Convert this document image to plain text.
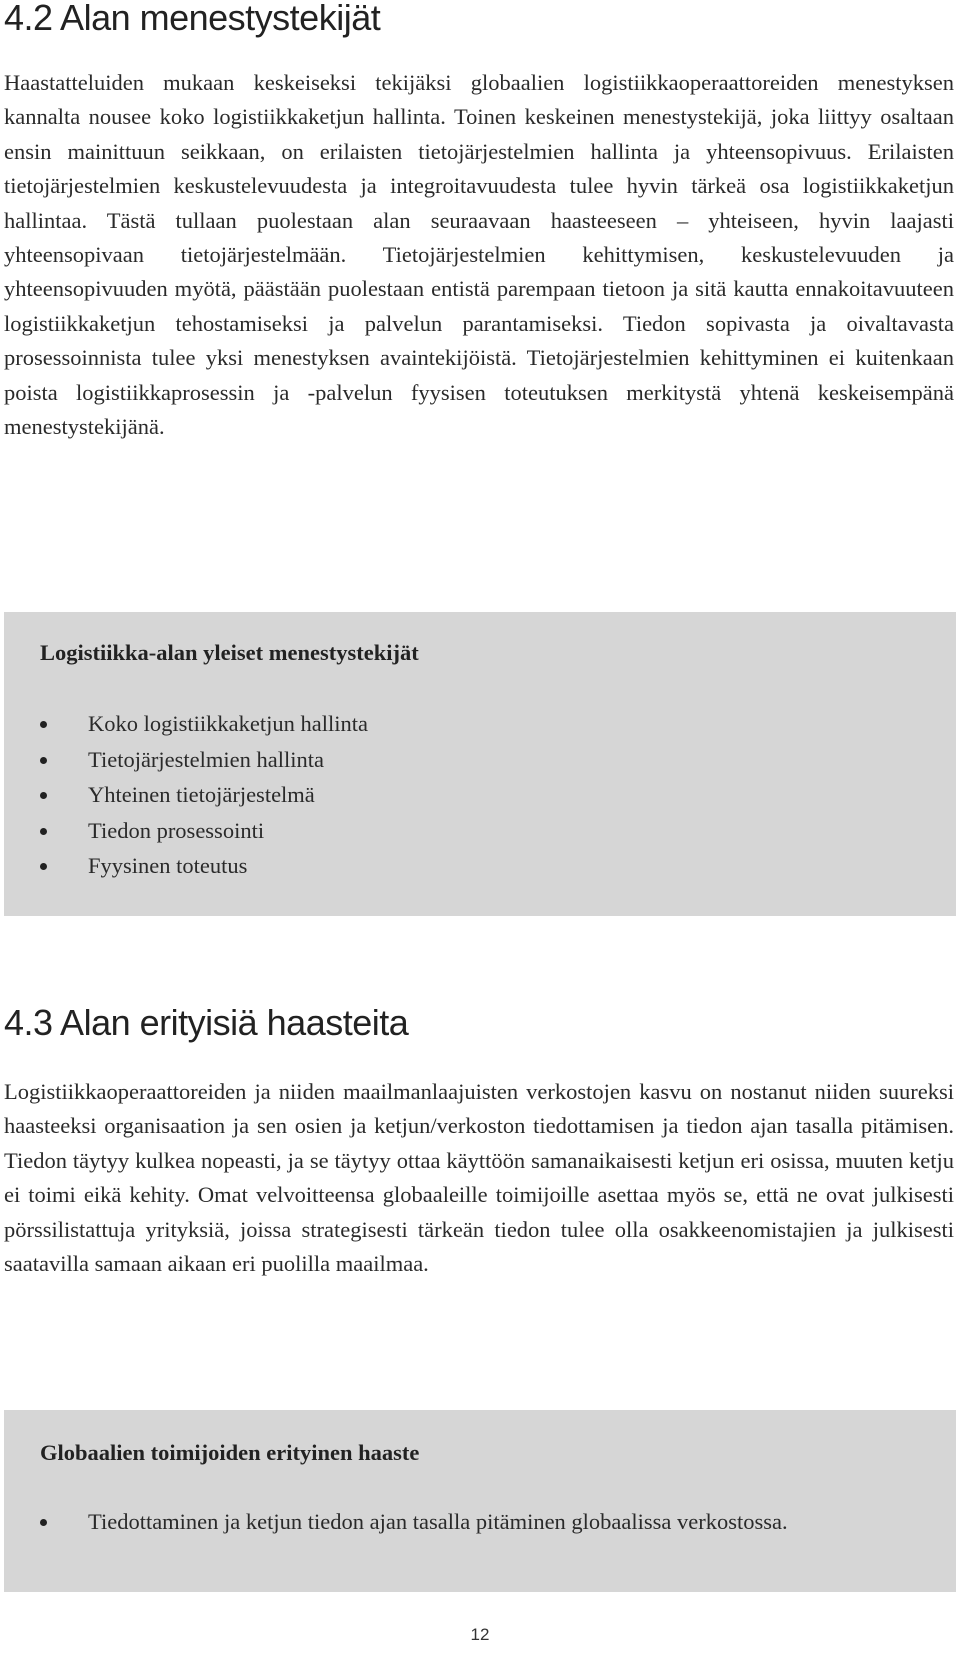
4.2 Alan menestystekijät

Haastatteluiden mukaan keskeiseksi tekijäksi globaalien logistiikkaoperaattoreiden menestyksen kannalta nousee koko logistiikkaketjun hallinta. Toinen keskeinen menestystekijä, joka liittyy osaltaan ensin mainittuun seikkaan, on erilaisten tietojärjestelmien hallinta ja yhteensopivuus. Erilaisten tietojärjestelmien keskustelevuudesta ja integroitavuudesta tulee hyvin tärkeä osa logistiikkaketjun hallintaa. Tästä tullaan puolestaan alan seuraavaan haasteeseen – yhteiseen, hyvin laajasti yhteensopivaan tietojärjestelmään. Tietojärjestelmien kehittymisen, keskustelevuuden ja yhteensopivuuden myötä, päästään puolestaan entistä parempaan tietoon ja sitä kautta ennakoitavuuteen logistiikkaketjun tehostamiseksi ja palvelun parantamiseksi. Tiedon sopivasta ja oivaltavasta prosessoinnista tulee yksi menestyksen avaintekijöistä. Tietojärjestelmien kehittyminen ei kuitenkaan poista logistiikkaprosessin ja -palvelun fyysisen toteutuksen merkitystä yhtenä keskeisempänä menestystekijänä.

Logistiikka-alan yleiset menestystekijät

Koko logistiikkaketjun hallinta
Tietojärjestelmien hallinta
Yhteinen tietojärjestelmä
Tiedon prosessointi
Fyysinen toteutus
4.3 Alan erityisiä haasteita

Logistiikkaoperaattoreiden ja niiden maailmanlaajuisten verkostojen kasvu on nostanut niiden suureksi haasteeksi organisaation ja sen osien ja ketjun/verkoston tiedottamisen ja tiedon ajan tasalla pitämisen. Tiedon täytyy kulkea nopeasti, ja se täytyy ottaa käyttöön samanaikaisesti ketjun eri osissa, muuten ketju ei toimi eikä kehity. Omat velvoitteensa globaaleille toimijoille asettaa myös se, että ne ovat julkisesti pörssilistattuja yrityksiä, joissa strategisesti tärkeän tiedon tulee olla osakkeenomistajien ja julkisesti saatavilla samaan aikaan eri puolilla maailmaa.

Globaalien toimijoiden erityinen haaste

Tiedottaminen ja ketjun tiedon ajan tasalla pitäminen globaalissa verkostossa.
12
